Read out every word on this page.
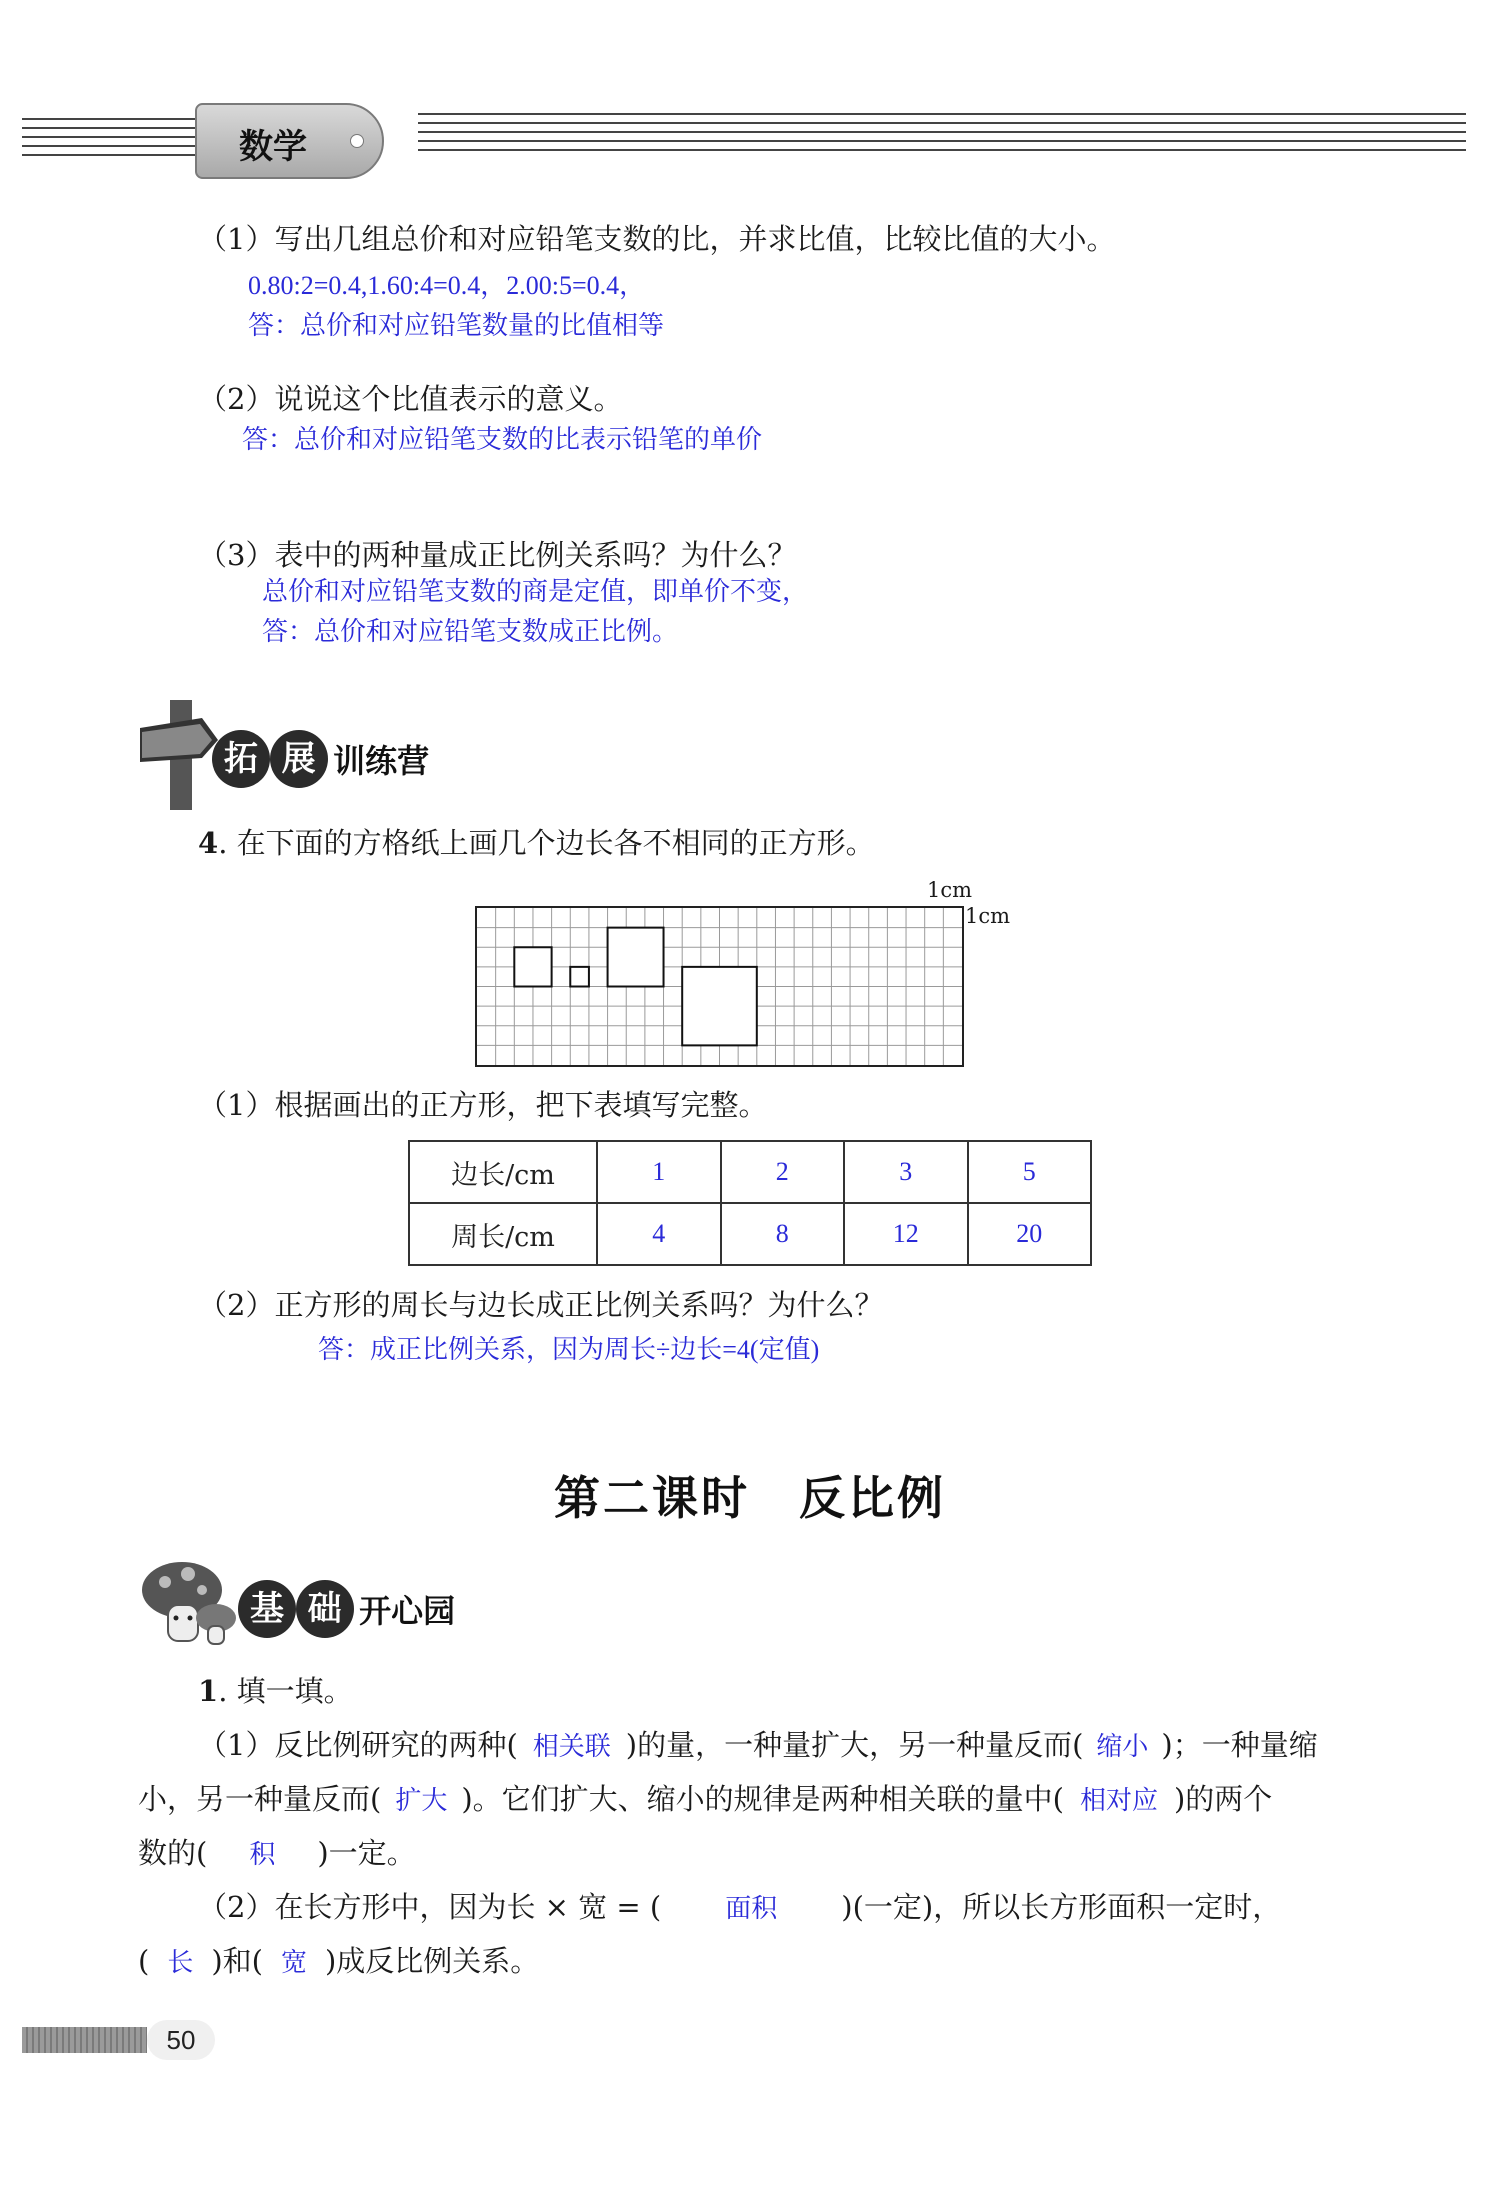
数学
（1）写出几组总价和对应铅笔支数的比，并求比值，比较比值的大小。
0.80:2=0.4,1.60:4=0.4，2.00:5=0.4，
答：总价和对应铅笔数量的比值相等
（2）说说这个比值表示的意义。
答：总价和对应铅笔支数的比表示铅笔的单价
（3）表中的两种量成正比例关系吗？为什么？
总价和对应铅笔支数的商是定值，即单价不变，
答：总价和对应铅笔支数成正比例。
拓 展 训练营
4. 在下面的方格纸上画几个边长各不相同的正方形。
1cm
1cm
（1）根据画出的正方形，把下表填写完整。
边长/cm	1	2	3	5
周长/cm	4	8	12	20
（2）正方形的周长与边长成正比例关系吗？为什么？
答：成正比例关系，因为周长÷边长=4(定值)
第二课时　反比例
基 础 开心园
1. 填一填。
（1）反比例研究的两种( 相关联 )的量，一种量扩大，另一种量反而( 缩小 )；一种量缩
小，另一种量反而( 扩大 )。它们扩大、缩小的规律是两种相关联的量中( 相对应 )的两个
数的( 积 )一定。
（2）在长方形中，因为长 × 宽 = ( 面积 )(一定)，所以长方形面积一定时，
( 长 )和( 宽 )成反比例关系。
50
